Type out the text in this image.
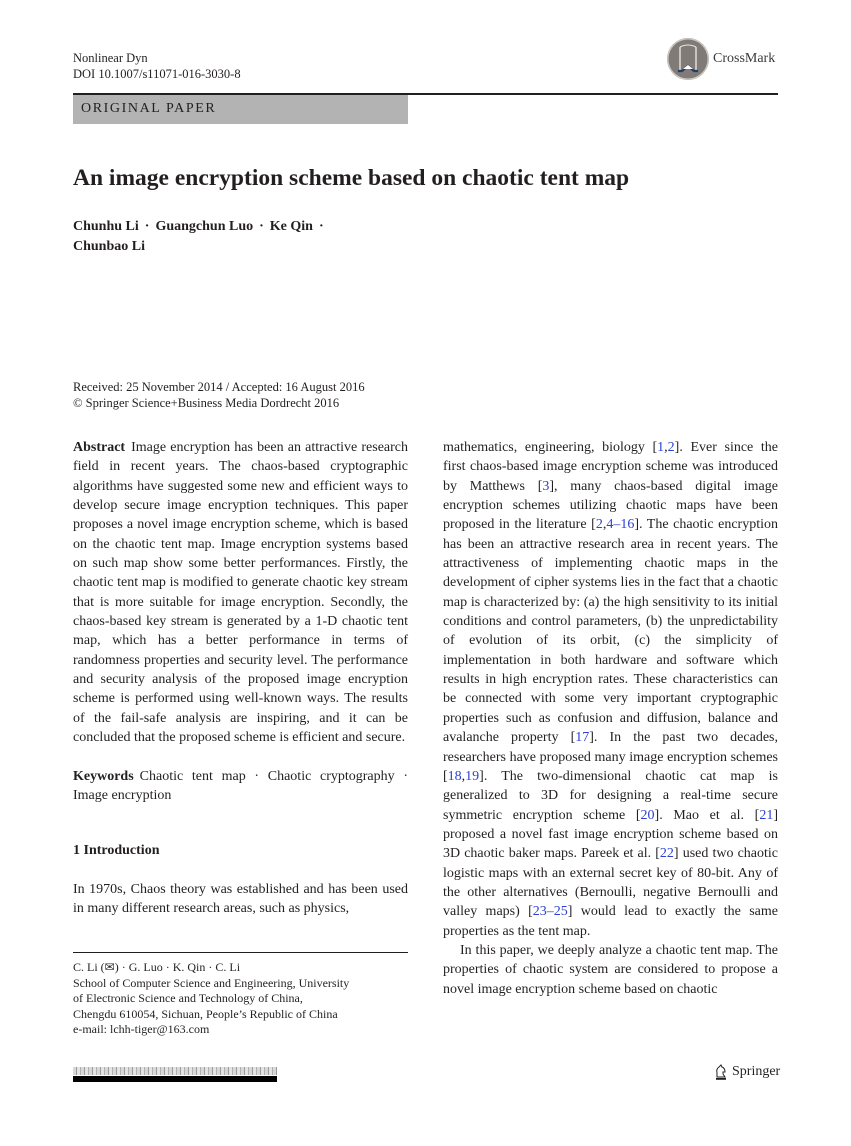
Nonlinear Dyn
DOI 10.1007/s11071-016-3030-8
CrossMark
ORIGINAL PAPER
An image encryption scheme based on chaotic tent map
Chunhu Li · Guangchun Luo · Ke Qin ·
Chunbao Li
Received: 25 November 2014 / Accepted: 16 August 2016
© Springer Science+Business Media Dordrecht 2016

Abstract Image encryption has been an attractive research field in recent years. The chaos-based cryptographic algorithms have suggested some new and efficient ways to develop secure image encryption techniques. This paper proposes a novel image encryption scheme, which is based on the chaotic tent map. Image encryption systems based on such map show some better performances. Firstly, the chaotic tent map is modified to generate chaotic key stream that is more suitable for image encryption. Secondly, the chaos-based key stream is generated by a 1-D chaotic tent map, which has a better performance in terms of randomness properties and security level. The performance and security analysis of the proposed image encryption scheme is performed using well-known ways. The results of the fail-safe analysis are inspiring, and it can be concluded that the proposed scheme is efficient and secure.

Keywords Chaotic tent map · Chaotic cryptography · Image encryption

1 Introduction

In 1970s, Chaos theory was established and has been used in many different research areas, such as physics,

C. Li (✉) · G. Luo · K. Qin · C. Li
School of Computer Science and Engineering, University
of Electronic Science and Technology of China,
Chengdu 610054, Sichuan, People’s Republic of China
e-mail: lchh-tiger@163.com

mathematics, engineering, biology [1,2]. Ever since the first chaos-based image encryption scheme was introduced by Matthews [3], many chaos-based digital image encryption schemes utilizing chaotic maps have been proposed in the literature [2,4–16]. The chaotic encryption has been an attractive research area in recent years. The attractiveness of implementing chaotic maps in the development of cipher systems lies in the fact that a chaotic map is characterized by: (a) the high sensitivity to its initial conditions and control parameters, (b) the unpredictability of evolution of its orbit, (c) the simplicity of implementation in both hardware and software which results in high encryption rates. These characteristics can be connected with some very important cryptographic properties such as confusion and diffusion, balance and avalanche property [17]. In the past two decades, researchers have proposed many image encryption schemes [18,19]. The two-dimensional chaotic cat map is generalized to 3D for designing a real-time secure symmetric encryption scheme [20]. Mao et al. [21] proposed a novel fast image encryption scheme based on 3D chaotic baker maps. Pareek et al. [22] used two chaotic logistic maps with an external secret key of 80-bit. Any of the other alternatives (Bernoulli, negative Bernoulli and valley maps) [23–25] would lead to exactly the same properties as the tent map.

In this paper, we deeply analyze a chaotic tent map. The properties of chaotic system are considered to propose a novel image encryption scheme based on chaotic

Springer
